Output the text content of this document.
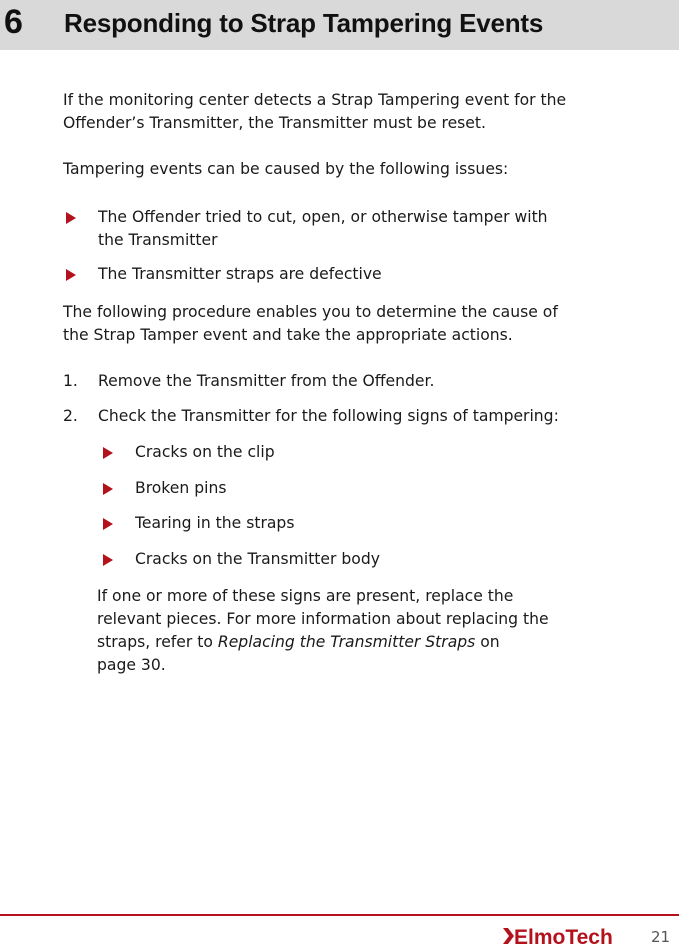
6 Responding to Strap Tampering Events

If the monitoring center detects a Strap Tampering event for the

Offender’s Transmitter, the Transmitter must be reset.

Tampering events can be caused by the following issues:

The Offender tried to cut, open, or otherwise tamper with

the Transmitter

The Transmitter straps are defective

The following procedure enables you to determine the cause of

the Strap Tamper event and take the appropriate actions.

1. Remove the Transmitter from the Offender.

2. Check the Transmitter for the following signs of tampering:

Cracks on the clip

Broken pins

Tearing in the straps

Cracks on the Transmitter body

If one or more of these signs are present, replace the

relevant pieces. For more information about replacing the

straps, refer to Replacing the Transmitter Straps on

page 30.

ElmoTech	21
